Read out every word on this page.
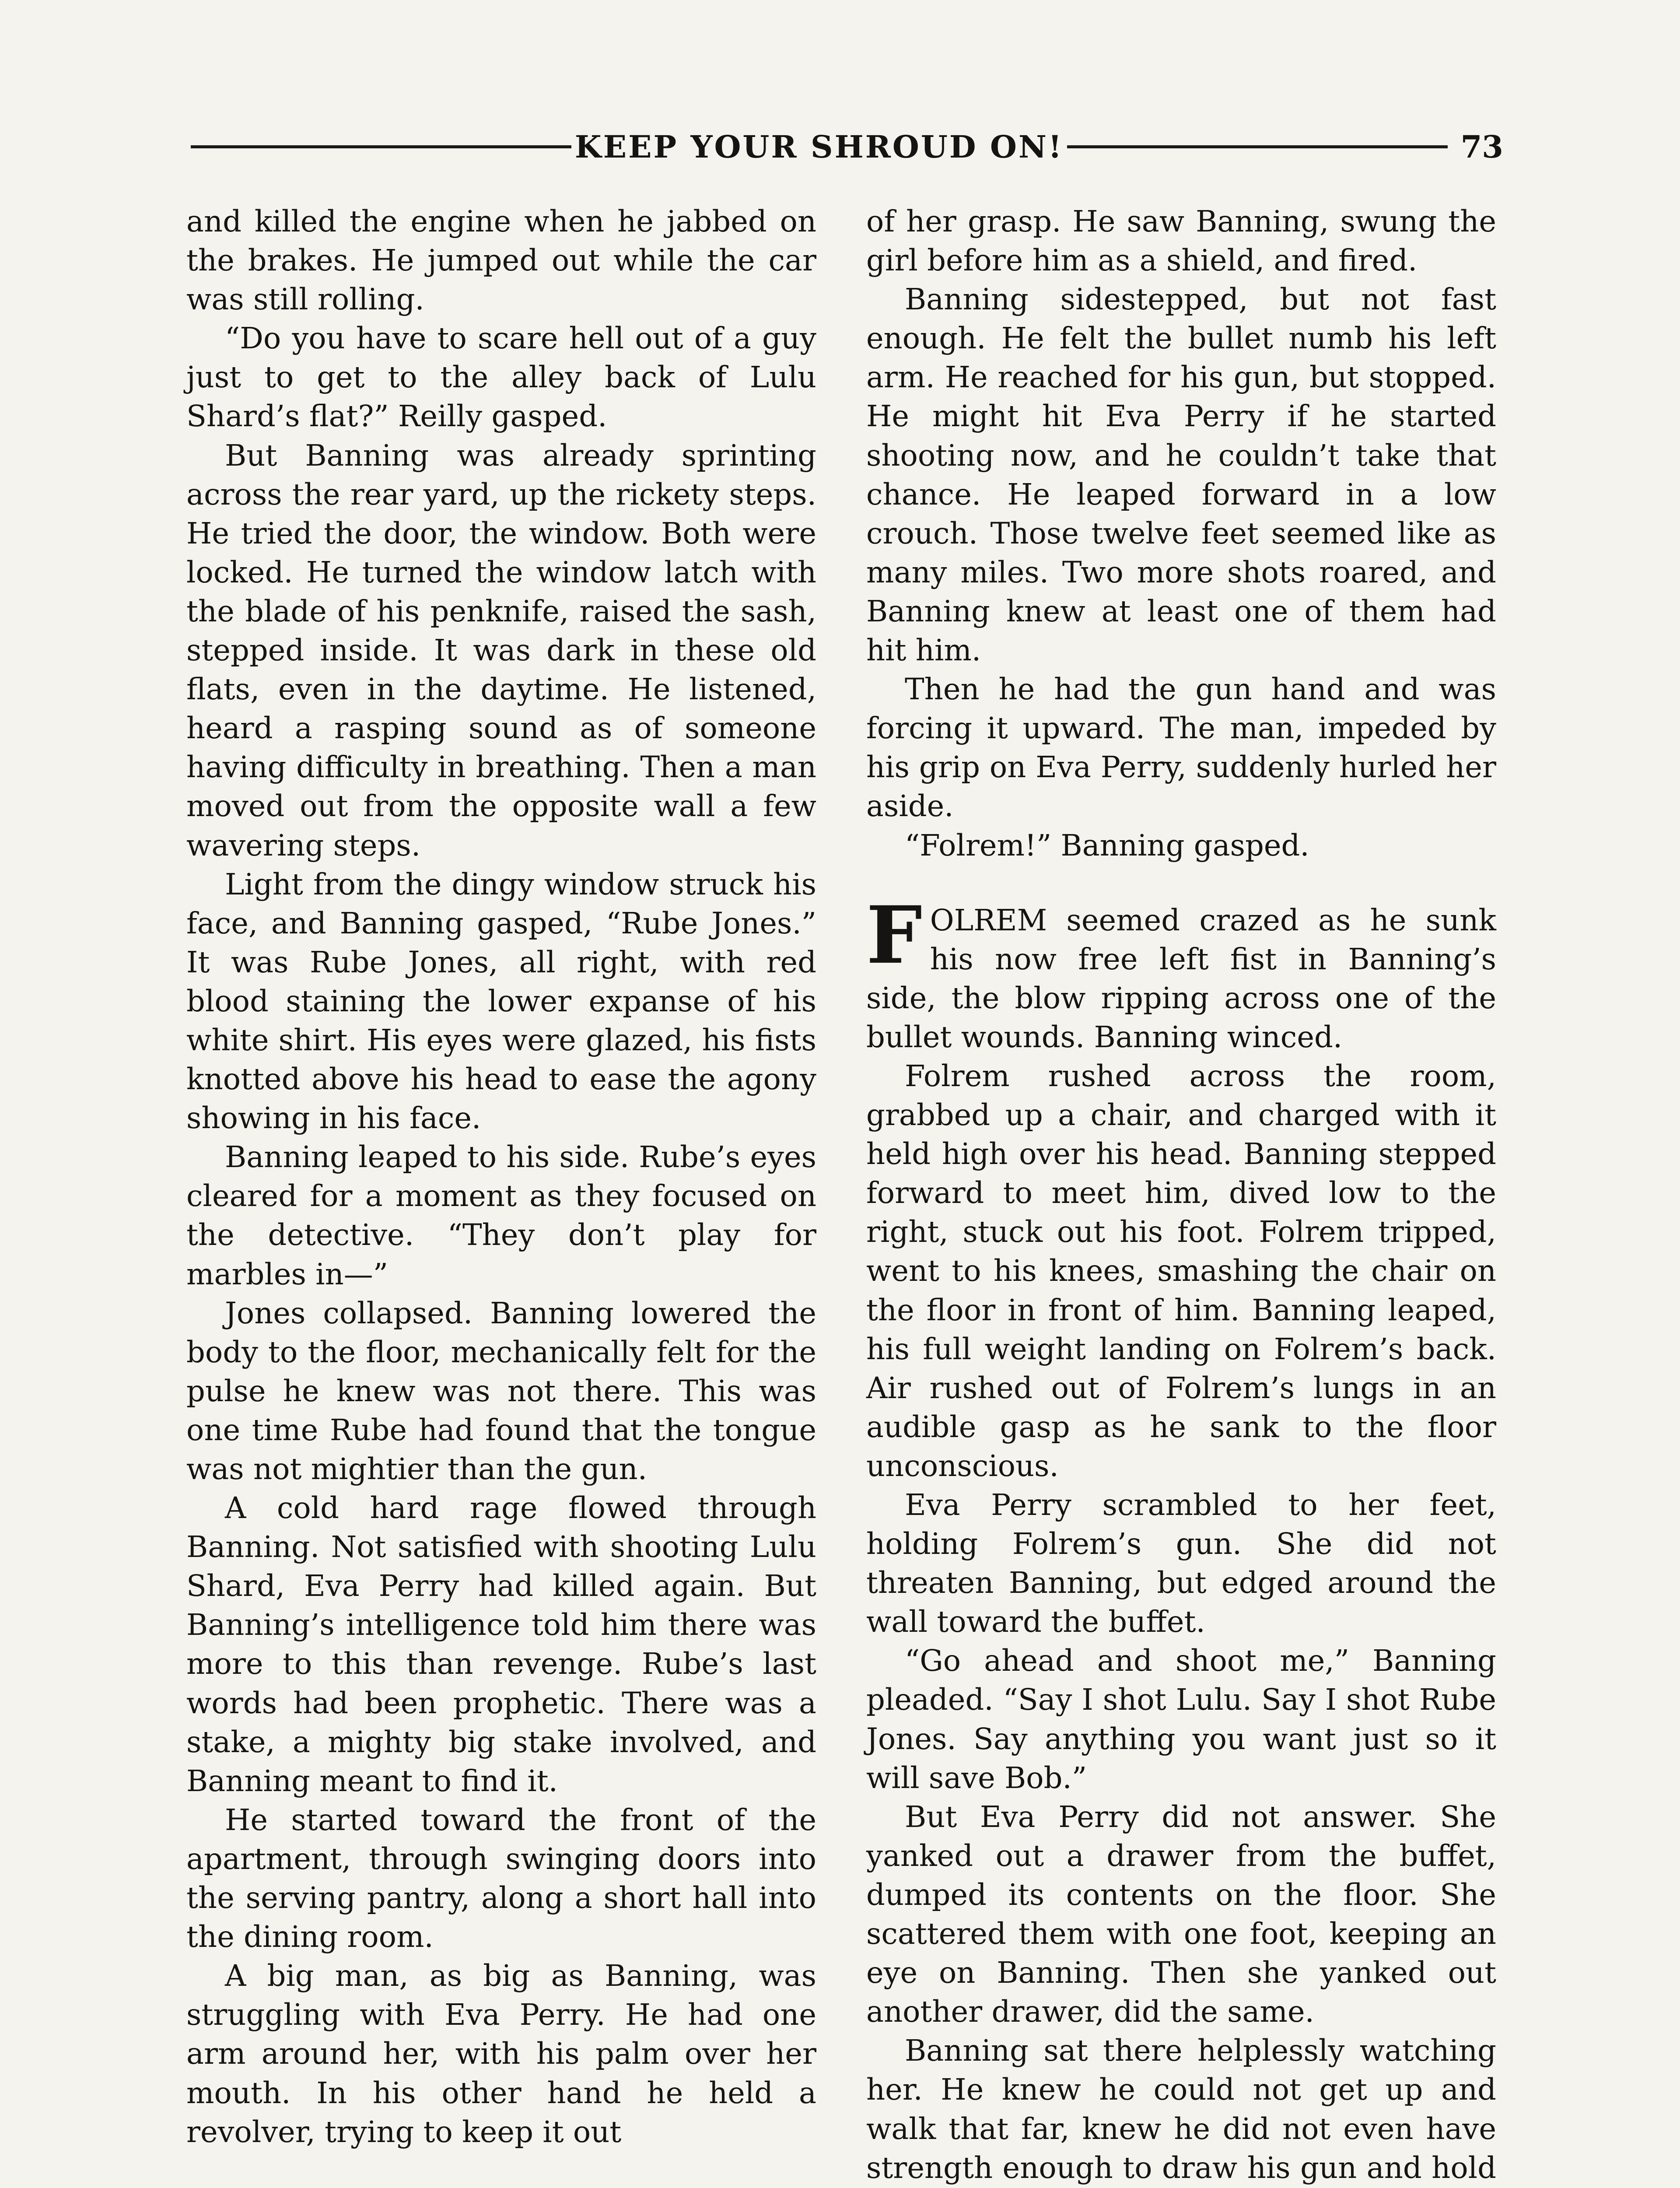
KEEP YOUR SHROUD ON!	73

and killed the engine when he jabbed on the brakes. He jumped out while the car was still rolling.

“Do you have to scare hell out of a guy just to get to the alley back of Lulu Shard’s flat?” Reilly gasped.

But Banning was already sprinting across the rear yard, up the rickety steps. He tried the door, the window. Both were locked. He turned the window latch with the blade of his penknife, raised the sash, stepped inside. It was dark in these old flats, even in the daytime. He listened, heard a rasping sound as of someone having difficulty in breathing. Then a man moved out from the opposite wall a few wavering steps.

Light from the dingy window struck his face, and Banning gasped, “Rube Jones.” It was Rube Jones, all right, with red blood staining the lower expanse of his white shirt. His eyes were glazed, his fists knotted above his head to ease the agony showing in his face.

Banning leaped to his side. Rube’s eyes cleared for a moment as they focused on the detective. “They don’t play for marbles in—”

Jones collapsed. Banning lowered the body to the floor, mechanically felt for the pulse he knew was not there. This was one time Rube had found that the tongue was not mightier than the gun.

A cold hard rage flowed through Banning. Not satisfied with shooting Lulu Shard, Eva Perry had killed again. But Banning’s intelligence told him there was more to this than revenge. Rube’s last words had been prophetic. There was a stake, a mighty big stake involved, and Banning meant to find it.

He started toward the front of the apartment, through swinging doors into the serving pantry, along a short hall into the dining room.

A big man, as big as Banning, was struggling with Eva Perry. He had one arm around her, with his palm over her mouth. In his other hand he held a revolver, trying to keep it out

of her grasp. He saw Banning, swung the girl before him as a shield, and fired.

Banning sidestepped, but not fast enough. He felt the bullet numb his left arm. He reached for his gun, but stopped. He might hit Eva Perry if he started shooting now, and he couldn’t take that chance. He leaped forward in a low crouch. Those twelve feet seemed like as many miles. Two more shots roared, and Banning knew at least one of them had hit him.

Then he had the gun hand and was forcing it upward. The man, impeded by his grip on Eva Perry, suddenly hurled her aside.

“Folrem!” Banning gasped.

FOLREM seemed crazed as he sunk his now free left fist in Banning’s side, the blow ripping across one of the bullet wounds. Banning winced.

Folrem rushed across the room, grabbed up a chair, and charged with it held high over his head. Banning stepped forward to meet him, dived low to the right, stuck out his foot. Folrem tripped, went to his knees, smashing the chair on the floor in front of him. Banning leaped, his full weight landing on Folrem’s back. Air rushed out of Folrem’s lungs in an audible gasp as he sank to the floor unconscious.

Eva Perry scrambled to her feet, holding Folrem’s gun. She did not threaten Banning, but edged around the wall toward the buffet.

“Go ahead and shoot me,” Banning pleaded. “Say I shot Lulu. Say I shot Rube Jones. Say anything you want just so it will save Bob.”

But Eva Perry did not answer. She yanked out a drawer from the buffet, dumped its contents on the floor. She scattered them with one foot, keeping an eye on Banning. Then she yanked out another drawer, did the same.

Banning sat there helplessly watching her. He knew he could not get up and walk that far, knew he did not even have strength enough to draw his gun and hold
